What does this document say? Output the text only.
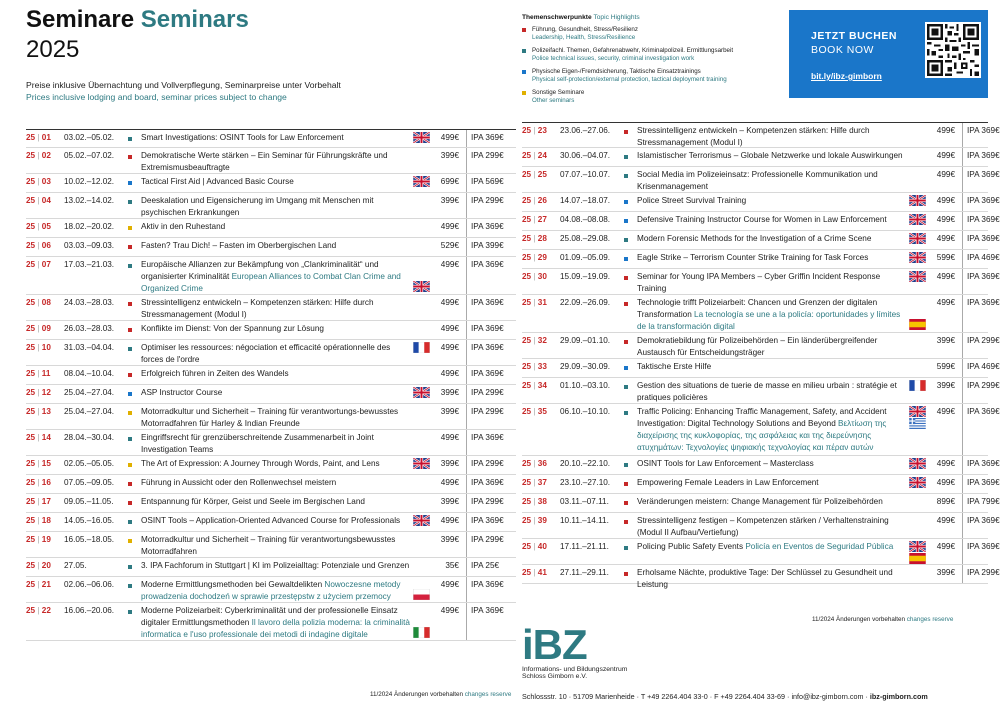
Seminare Seminars
2025
Preise inklusive Übernachtung und Vollverpflegung, Seminarpreise unter Vorbehalt
Prices inclusive lodging and board, seminar prices subject to change
Themenschwerpunkte Topic Highlights
Führung, Gesundheit, Stress/Resilienz
Leadership, Health, Stress/Resilience
Polizeifachl. Themen, Gefahrenabwehr, Kriminalpolizeil. Ermittlungsarbeit
Police technical issues, security, criminal investigation work
Physische Eigen-/Fremdsicherung, Taktische Einsatztrainings
Physical self-protection/external protection, tactical deployment training
Sonstige Seminare
Other seminars
JETZT BUCHEN
BOOK NOW
bit.ly/ibz-gimborn
25 | 01 03.02.–05.02.	Smart Investigations: OSINT Tools for Law Enforcement	499€ IPA 369€
25 | 02 05.02.–07.02.	Demokratische Werte stärken – Ein Seminar für Führungskräfte und Extremismusbeauftragte
399€ IPA 299€
25 | 03 10.02.–12.02.	Tactical First Aid | Advanced Basic Course	699€ IPA 569€
25 | 04 13.02.–14.02.	Deeskalation und Eigensicherung im Umgang mit Menschen mit psychischen Erkrankungen
399€ IPA 299€
25 | 05 18.02.–20.02.	Aktiv in den Ruhestand	499€ IPA 369€
25 | 06 03.03.–09.03.	Fasten? Trau Dich! – Fasten im Oberbergischen Land	529€ IPA 399€
25 | 07 17.03.–21.03.	Europäische Allianzen zur Bekämpfung von „Clankriminalität“ und organisierter Kriminalität European Alliances to Combat Clan Crime and Organized Crime
499€ IPA 369€
25 | 08 24.03.–28.03.	Stressintelligenz entwickeln – Kompetenzen stärken: Hilfe durch Stressmanagement (Modul I)
499€ IPA 369€
25 | 09 26.03.–28.03.	Konflikte im Dienst: Von der Spannung zur Lösung	499€ IPA 369€
25 | 10 31.03.–04.04.	Optimiser les ressources: négociation et efficacité opérationnelle des forces de l'ordre
499€ IPA 369€
25 | 11 08.04.–10.04.	Erfolgreich führen in Zeiten des Wandels	499€ IPA 369€
25 | 12 25.04.–27.04.	ASP Instructor Course	399€ IPA 299€
25 | 13 25.04.–27.04.	Motorradkultur und Sicherheit – Training für verantwortungs-bewusstes Motorradfahren für Harley & Indian Freunde
399€ IPA 299€
25 | 14 28.04.–30.04.	Eingriffsrecht für grenzüberschreitende Zusammenarbeit in Joint Investigation Teams
499€ IPA 369€
25 | 15 02.05.–05.05.	The Art of Expression: A Journey Through Words, Paint, and Lens	399€ IPA 299€
25 | 16 07.05.–09.05.	Führung in Aussicht oder den Rollenwechsel meistern	499€ IPA 369€
25 | 17 09.05.–11.05.	Entspannung für Körper, Geist und Seele im Bergischen Land	399€ IPA 299€
25 | 18 14.05.–16.05.	OSINT Tools – Application-Oriented Advanced Course for Professionals	499€ IPA 369€
25 | 19 16.05.–18.05.	Motorradkultur und Sicherheit – Training für verantwortungsbewusstes Motorradfahren
399€ IPA 299€
25 | 20 27.05.	3. IPA Fachforum in Stuttgart | KI im Polizeialltag: Potenziale und Grenzen	35€ IPA 25€
25 | 21 02.06.–06.06.	Moderne Ermittlungsmethoden bei Gewaltdelikten Nowoczesne metody prowadzenia dochodzeń w sprawie przestępstw z użyciem przemocy
499€ IPA 369€
25 | 22 16.06.–20.06.	Moderne Polizeiarbeit: Cyberkriminalität und der professionelle Einsatz digitaler Ermittlungsmethoden Il lavoro della polizia moderna: la criminalità informatica e l'uso professionale dei metodi di indagine digitale
499€ IPA 369€
25 | 23 23.06.–27.06.	Stressintelligenz entwickeln – Kompetenzen stärken: Hilfe durch Stressmanagement (Modul I)
499€ IPA 369€
25 | 24 30.06.–04.07.	Islamistischer Terrorismus – Globale Netzwerke und lokale Auswirkungen	499€ IPA 369€
25 | 25 07.07.–10.07.	Social Media im Polizeieinsatz: Professionelle Kommunikation und Krisenmanagement
499€ IPA 369€
25 | 26 14.07.–18.07.	Police Street Survival Training	499€ IPA 369€
25 | 27 04.08.–08.08.	Defensive Training Instructor Course for Women in Law Enforcement	499€ IPA 369€
25 | 28 25.08.–29.08.	Modern Forensic Methods for the Investigation of a Crime Scene	499€ IPA 369€
25 | 29 01.09.–05.09.	Eagle Strike – Terrorism Counter Strike Training for Task Forces	599€ IPA 469€
25 | 30 15.09.–19.09.	Seminar for Young IPA Members – Cyber Griffin Incident Response Training
499€ IPA 369€
25 | 31 22.09.–26.09.	Technologie trifft Polizeiarbeit: Chancen und Grenzen der digitalen Transformation La tecnología se une a la policía: oportunidades y límites de la transformación digital
499€ IPA 369€
25 | 32 29.09.–01.10.	Demokratiebildung für Polizeibehörden – Ein länderübergreifender Austausch für Entscheidungsträger
399€ IPA 299€
25 | 33 29.09.–30.09.	Taktische Erste Hilfe	599€ IPA 469€
25 | 34 01.10.–03.10.	Gestion des situations de tuerie de masse en milieu urbain : stratégie et pratiques policières
399€ IPA 299€
25 | 35 06.10.–10.10.	Traffic Policing: Enhancing Traffic Management, Safety, and Accident Investigation: Digital Technology Solutions and Beyond Βελτίωση της διαχείρισης της κυκλοφορίας, της ασφάλειας και της διερεύνησης ατυχημάτων: Τεχνολογίες ψηφιακής τεχνολογίας και πέραν αυτών
499€ IPA 369€
25 | 36 20.10.–22.10.	OSINT Tools for Law Enforcement – Masterclass	499€ IPA 369€
25 | 37 23.10.–27.10.	Empowering Female Leaders in Law Enforcement	499€ IPA 369€
25 | 38 03.11.–07.11.	Veränderungen meistern: Change Management für Polizeibehörden	899€ IPA 799€
25 | 39 10.11.–14.11.	Stressintelligenz festigen – Kompetenzen stärken / Verhaltenstraining (Modul II Aufbau/Vertiefung)
499€ IPA 369€
25 | 40 17.11.–21.11.	Policing Public Safety Events Policía en Eventos de Seguridad Pública	499€ IPA 369€
25 | 41 27.11.–29.11.	Erholsame Nächte, produktive Tage: Der Schlüssel zu Gesundheit und Leistung
399€ IPA 299€
11/2024 Änderungen vorbehalten changes reserve
11/2024 Änderungen vorbehalten changes reserve
iBZ
Informations- und Bildungszentrum
Schloss Gimborn e.V.
Schlossstr. 10 · 51709 Marienheide · T +49 2264.404 33-0 · F +49 2264.404 33-69 · info@ibz-gimborn.com · ibz-gimborn.com
